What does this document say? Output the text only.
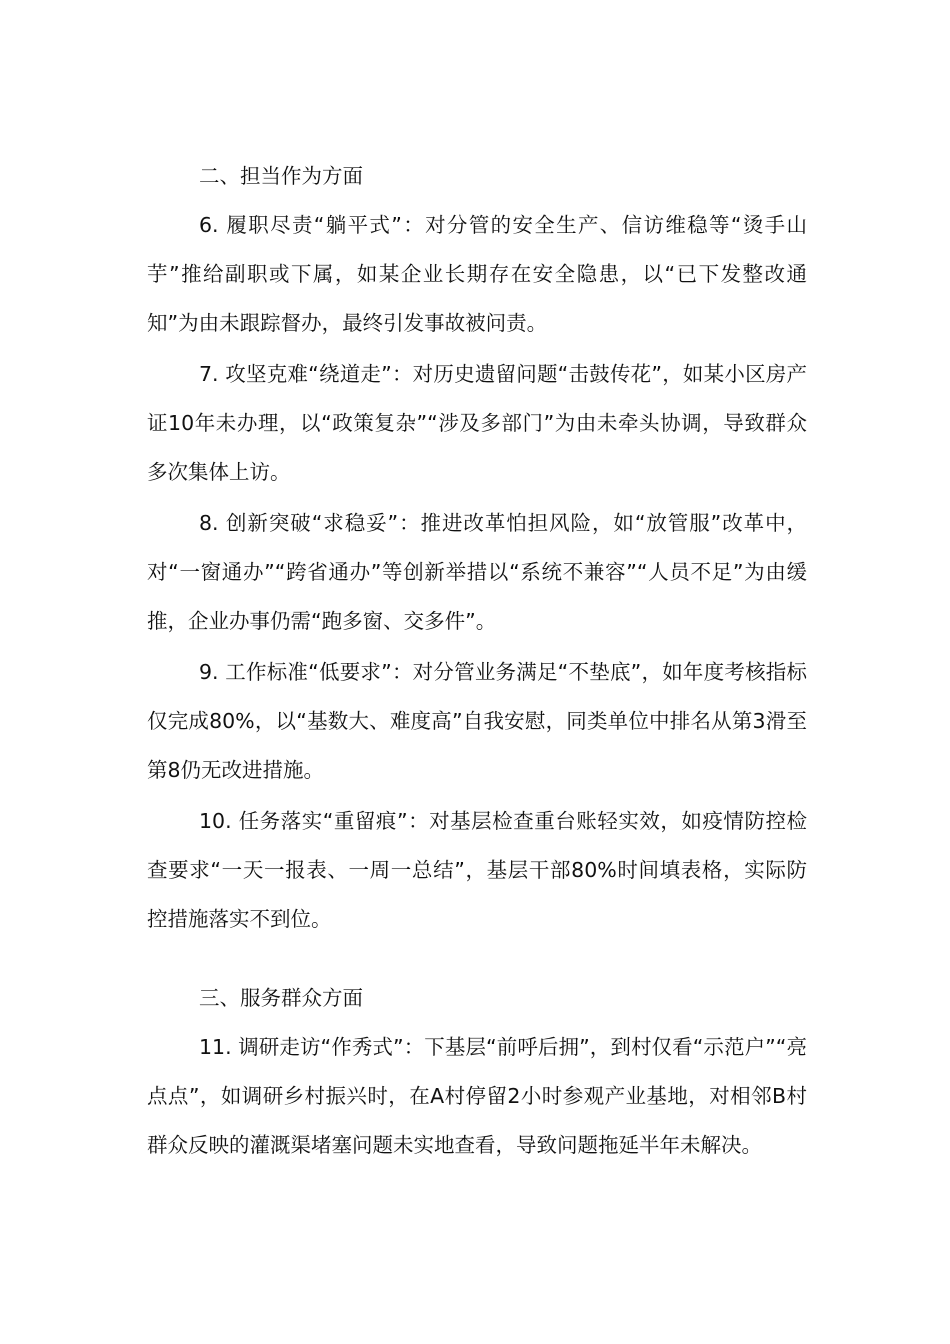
二、担当作为方面

6. 履职尽责“躺平式”：对分管的安全生产、信访维稳等“烫手山芋”推给副职或下属，如某企业长期存在安全隐患，以“已下发整改通知”为由未跟踪督办，最终引发事故被问责。

7. 攻坚克难“绕道走”：对历史遗留问题“击鼓传花”，如某小区房产证10年未办理，以“政策复杂”“涉及多部门”为由未牵头协调，导致群众多次集体上访。

8. 创新突破“求稳妥”：推进改革怕担风险，如“放管服”改革中，对“一窗通办”“跨省通办”等创新举措以“系统不兼容”“人员不足”为由缓推，企业办事仍需“跑多窗、交多件”。

9. 工作标准“低要求”：对分管业务满足“不垫底”，如年度考核指标仅完成80%，以“基数大、难度高”自我安慰，同类单位中排名从第3滑至第8仍无改进措施。

10. 任务落实“重留痕”：对基层检查重台账轻实效，如疫情防控检查要求“一天一报表、一周一总结”，基层干部80%时间填表格，实际防控措施落实不到位。

三、服务群众方面

11. 调研走访“作秀式”：下基层“前呼后拥”，到村仅看“示范户”“亮点点”，如调研乡村振兴时，在A村停留2小时参观产业基地，对相邻B村群众反映的灌溉渠堵塞问题未实地查看，导致问题拖延半年未解决。
